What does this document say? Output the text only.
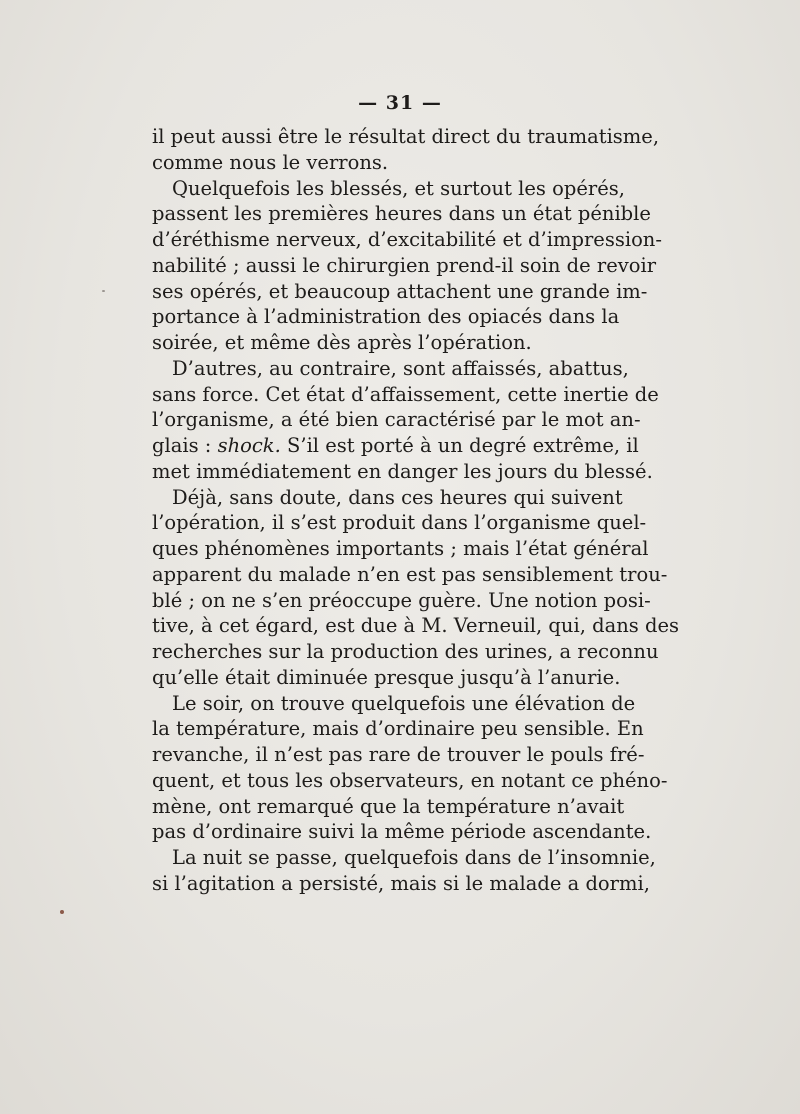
— 31 —
il peut aussi être le résultat direct du traumatisme,
comme nous le verrons.
Quelquefois les blessés, et surtout les opérés,
passent les premières heures dans un état pénible
d’éréthisme nerveux, d’excitabilité et d’impression-
nabilité ; aussi le chirurgien prend-il soin de revoir
ses opérés, et beaucoup attachent une grande im-
portance à l’administration des opiacés dans la
soirée, et même dès après l’opération.
D’autres, au contraire, sont affaissés, abattus,
sans force. Cet état d’affaissement, cette inertie de
l’organisme, a été bien caractérisé par le mot an-
glais : shock. S’il est porté à un degré extrême, il
met immédiatement en danger les jours du blessé.
Déjà, sans doute, dans ces heures qui suivent
l’opération, il s’est produit dans l’organisme quel-
ques phénomènes importants ; mais l’état général
apparent du malade n’en est pas sensiblement trou-
blé ; on ne s’en préoccupe guère. Une notion posi-
tive, à cet égard, est due à M. Verneuil, qui, dans des
recherches sur la production des urines, a reconnu
qu’elle était diminuée presque jusqu’à l’anurie.
Le soir, on trouve quelquefois une élévation de
la température, mais d’ordinaire peu sensible. En
revanche, il n’est pas rare de trouver le pouls fré-
quent, et tous les observateurs, en notant ce phéno-
mène, ont remarqué que la température n’avait
pas d’ordinaire suivi la même période ascendante.
La nuit se passe, quelquefois dans de l’insomnie,
si l’agitation a persisté, mais si le malade a dormi,
